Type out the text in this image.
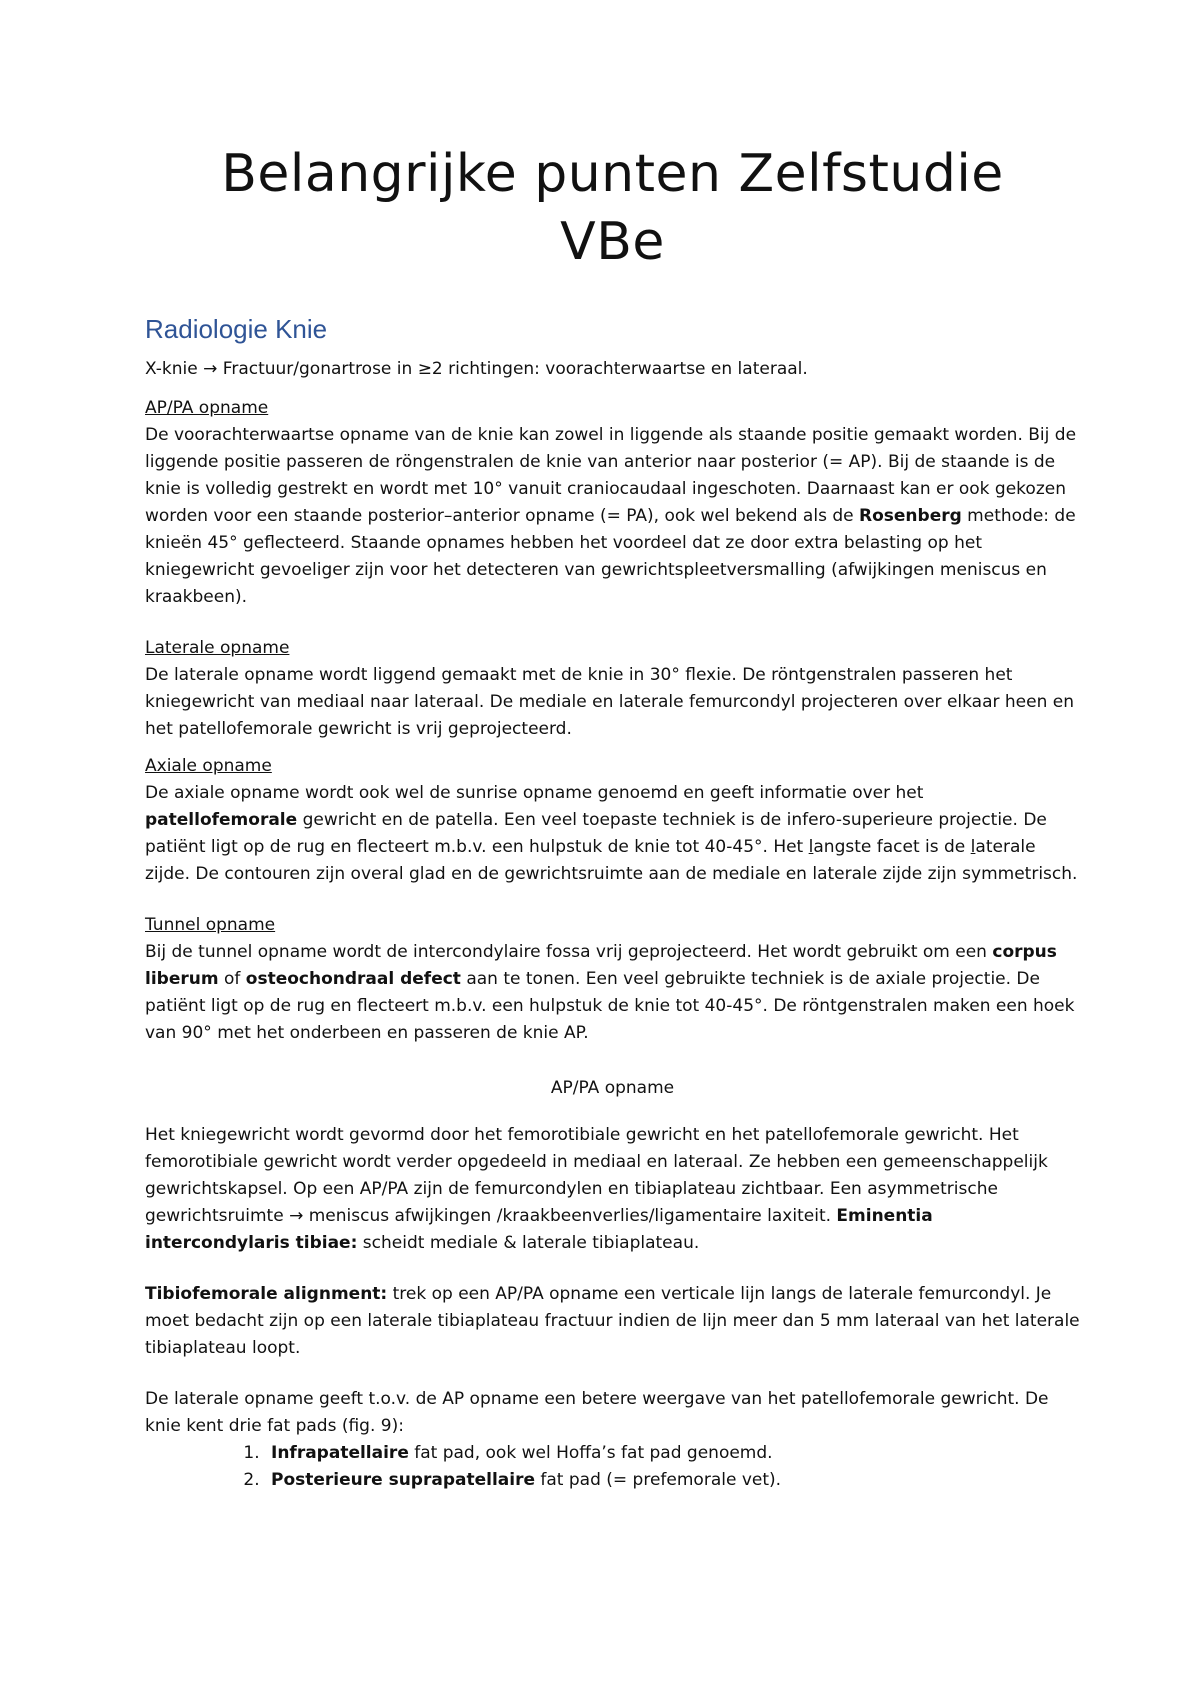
Belangrijke punten Zelfstudie
VBe
Radiologie Knie

X-knie → Fractuur/gonartrose in ≥2 richtingen: voorachterwaartse en lateraal.

AP/PA opname

De voorachterwaartse opname van de knie kan zowel in liggende als staande positie gemaakt worden. Bij de liggende positie passeren de röngenstralen de knie van anterior naar posterior (= AP). Bij de staande is de knie is volledig gestrekt en wordt met 10° vanuit craniocaudaal ingeschoten. Daarnaast kan er ook gekozen worden voor een staande posterior–anterior opname (= PA), ook wel bekend als de Rosenberg methode: de knieën 45° geflecteerd. Staande opnames hebben het voordeel dat ze door extra belasting op het kniegewricht gevoeliger zijn voor het detecteren van gewrichtspleetversmalling (afwijkingen meniscus en kraakbeen).

Laterale opname

De laterale opname wordt liggend gemaakt met de knie in 30° flexie. De röntgenstralen passeren het kniegewricht van mediaal naar lateraal. De mediale en laterale femurcondyl projecteren over elkaar heen en het patellofemorale gewricht is vrij geprojecteerd.

Axiale opname

De axiale opname wordt ook wel de sunrise opname genoemd en geeft informatie over het patellofemorale gewricht en de patella. Een veel toepaste techniek is de infero-superieure projectie. De patiënt ligt op de rug en flecteert m.b.v. een hulpstuk de knie tot 40-45°. Het langste facet is de laterale zijde. De contouren zijn overal glad en de gewrichtsruimte aan de mediale en laterale zijde zijn symmetrisch.

Tunnel opname

Bij de tunnel opname wordt de intercondylaire fossa vrij geprojecteerd. Het wordt gebruikt om een corpus liberum of osteochondraal defect aan te tonen. Een veel gebruikte techniek is de axiale projectie. De patiënt ligt op de rug en flecteert m.b.v. een hulpstuk de knie tot 40-45°. De röntgenstralen maken een hoek van 90° met het onderbeen en passeren de knie AP.

AP/PA opname

Het kniegewricht wordt gevormd door het femorotibiale gewricht en het patellofemorale gewricht. Het femorotibiale gewricht wordt verder opgedeeld in mediaal en lateraal. Ze hebben een gemeenschappelijk gewrichtskapsel. Op een AP/PA zijn de femurcondylen en tibiaplateau zichtbaar. Een asymmetrische gewrichtsruimte → meniscus afwijkingen /kraakbeenverlies/ligamentaire laxiteit. Eminentia intercondylaris tibiae: scheidt mediale & laterale tibiaplateau.

Tibiofemorale alignment: trek op een AP/PA opname een verticale lijn langs de laterale femurcondyl. Je moet bedacht zijn op een laterale tibiaplateau fractuur indien de lijn meer dan 5 mm lateraal van het laterale tibiaplateau loopt.

De laterale opname geeft t.o.v. de AP opname een betere weergave van het patellofemorale gewricht. De knie kent drie fat pads (fig. 9):

1. Infrapatellaire fat pad, ook wel Hoffa’s fat pad genoemd.
2. Posterieure suprapatellaire fat pad (= prefemorale vet).
